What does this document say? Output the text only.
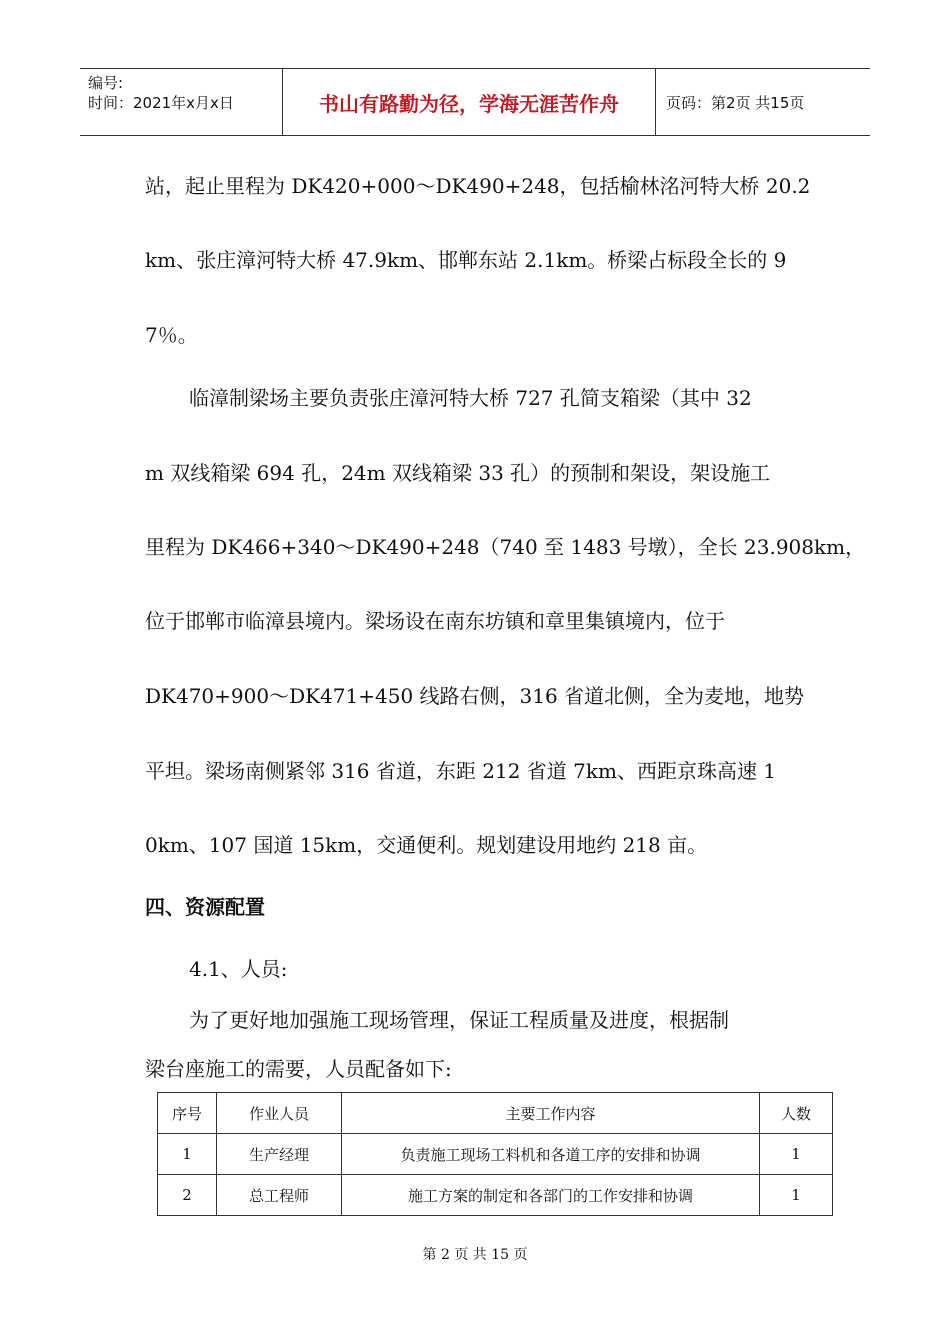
编号:
时间：2021年x月x日	书山有路勤为径，学海无涯苦作舟	页码：第2页 共15页
站，起止里程为 DK420+000～DK490+248，包括榆林洺河特大桥 20.2
km、张庄漳河特大桥 47.9km、邯郸东站 2.1km。桥梁占标段全长的 9
7％。
临漳制梁场主要负责张庄漳河特大桥 727 孔简支箱梁（其中 32
m 双线箱梁 694 孔，24m 双线箱梁 33 孔）的预制和架设，架设施工
里程为 DK466+340～DK490+248（740 至 1483 号墩），全长 23.908km，
位于邯郸市临漳县境内。梁场设在南东坊镇和章里集镇境内，位于
DK470+900～DK471+450 线路右侧，316 省道北侧，全为麦地，地势
平坦。梁场南侧紧邻 316 省道，东距 212 省道 7km、西距京珠高速 1
0km、107 国道 15km，交通便利。规划建设用地约 218 亩。
四、资源配置
4.1、人员:
为了更好地加强施工现场管理，保证工程质量及进度，根据制
梁台座施工的需要，人员配备如下:
序号	作业人员	主要工作内容	人数
1	生产经理	负责施工现场工料机和各道工序的安排和协调	1
2	总工程师	施工方案的制定和各部门的工作安排和协调	1
第 2 页 共 15 页
